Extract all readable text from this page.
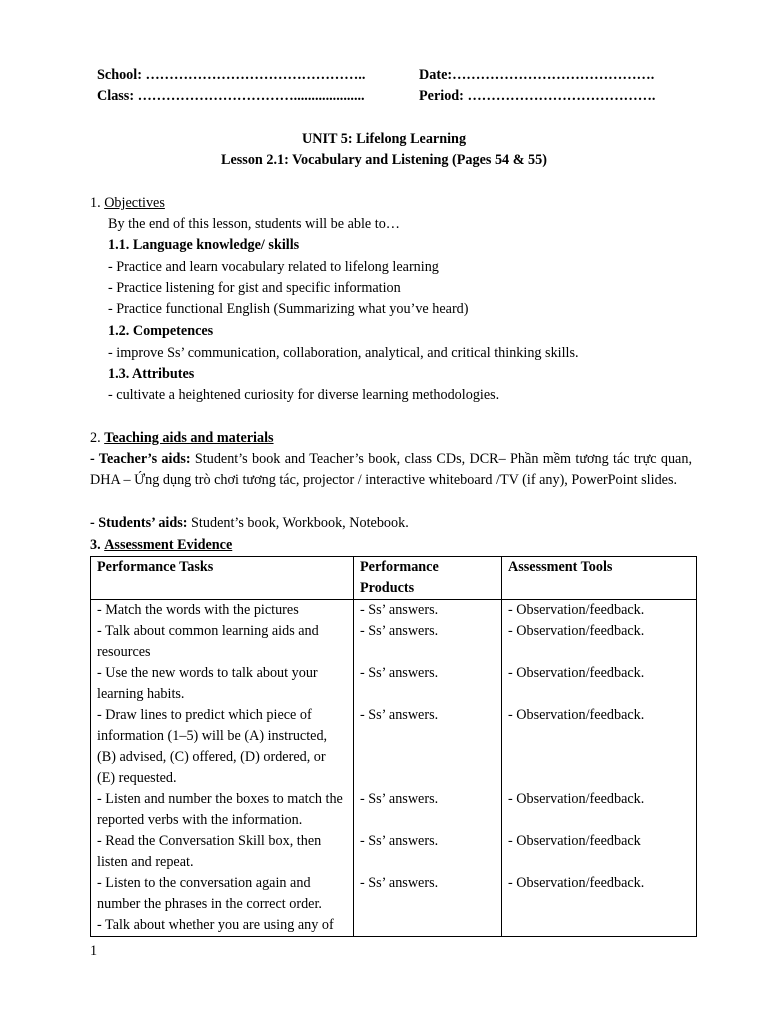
School: ………………………………………..	Date:…………………………………….
Class: ……………………………....................	Period: ………………………………….
UNIT 5: Lifelong Learning
Lesson 2.1: Vocabulary and Listening (Pages 54 & 55)
1. Objectives
By the end of this lesson, students will be able to…
1.1. Language knowledge/ skills
- Practice and learn vocabulary related to lifelong learning
- Practice listening for gist and specific information
- Practice functional English (Summarizing what you’ve heard)
1.2. Competences
- improve Ss’ communication, collaboration, analytical, and critical thinking skills.
1.3. Attributes
- cultivate a heightened curiosity for diverse learning methodologies.
2. Teaching aids and materials
- Teacher’s aids: Student’s book and Teacher’s book, class CDs, DCR– Phần mềm tương tác trực quan, DHA – Ứng dụng trò chơi tương tác, projector / interactive whiteboard /TV (if any), PowerPoint slides.
- Students’ aids: Student’s book, Workbook, Notebook.
3. Assessment Evidence
Performance Tasks	Performance Products	Assessment Tools
- Match the words with the pictures	- Ss’ answers.	- Observation/feedback.
- Talk about common learning aids and resources	- Ss’ answers.	- Observation/feedback.
- Use the new words to talk about your learning habits.	- Ss’ answers.	- Observation/feedback.
- Draw lines to predict which piece of information (1–5) will be (A) instructed, (B) advised, (C) offered, (D) ordered, or (E) requested.	- Ss’ answers.	- Observation/feedback.
- Listen and number the boxes to match the reported verbs with the information.	- Ss’ answers.	- Observation/feedback.
- Read the Conversation Skill box, then listen and repeat.	- Ss’ answers.	- Observation/feedback
- Listen to the conversation again and number the phrases in the correct order.	- Ss’ answers.	- Observation/feedback.
- Talk about whether you are using any of		
1
